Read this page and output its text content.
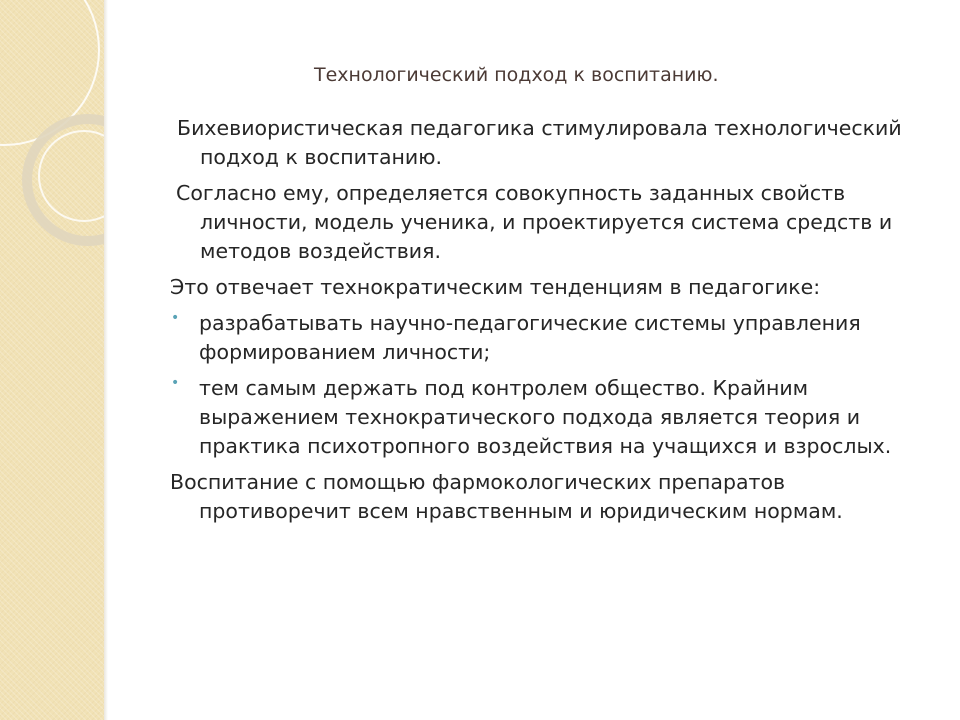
Технологический подход к воспитанию.

Бихевиористическая педагогика стимулировала технологический подход к воспитанию.

Согласно ему, определяется совокупность заданных свойств личности, модель ученика, и проектируется система средств и методов воздействия.

Это отвечает технократическим тенденциям в педагогике:

• разрабатывать научно-педагогические системы управления формированием личности;
• тем самым держать под контролем общество. Крайним выражением технократического подхода является теория и практика психотропного воздействия на учащихся и взрослых.

Воспитание с помощью фармокологических препаратов противоречит всем нравственным и юридическим нормам.
